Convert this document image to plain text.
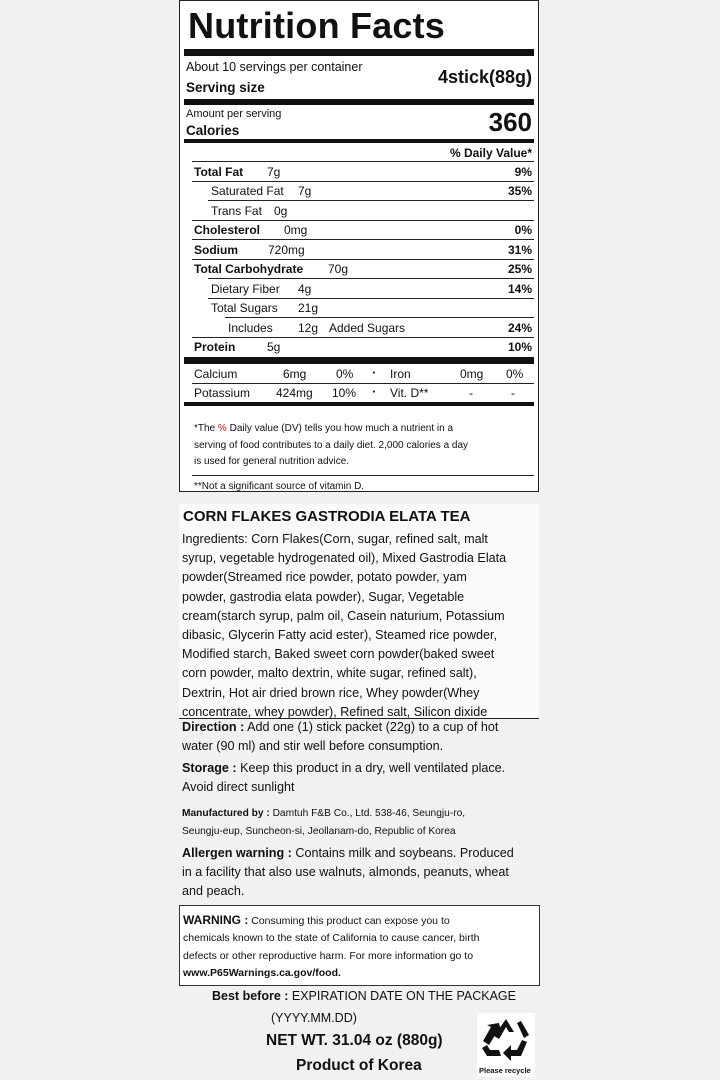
Nutrition Facts
About 10 servings per container
Serving size
4stick(88g)
Amount per serving
Calories	360
% Daily Value*
Total Fat 7g	9%
Saturated Fat 7g	35%
Trans Fat 0g
Cholesterol 0mg	0%
Sodium	720mg	31%
Total Carbohydrate 70g	25%
Dietary Fiber 4g	14%
Total Sugars 21g
Includes 12g Added Sugars	24%
Protein	5g	10%
Calcium	6mg 0% · Iron	0mg 0%
Potassium 424mg 10% · Vit. D**	-	-
*The % Daily value (DV) tells you how much a nutrient in a
serving of food contributes to a daily diet. 2,000 calories a day
is used for general nutrition advice.
**Not a significant source of vitamin D.
CORN FLAKES GASTRODIA ELATA TEA
Ingredients: Corn Flakes(Corn, sugar, refined salt, malt
syrup, vegetable hydrogenated oil), Mixed Gastrodia Elata
powder(Streamed rice powder, potato powder, yam
powder, gastrodia elata powder), Sugar, Vegetable
cream(starch syrup, palm oil, Casein naturium, Potassium
dibasic, Glycerin Fatty acid ester), Steamed rice powder,
Modified starch, Baked sweet corn powder(baked sweet
corn powder, malto dextrin, white sugar, refined salt),
Dextrin, Hot air dried brown rice, Whey powder(Whey
concentrate, whey powder), Refined salt, Silicon dixide
Direction : Add one (1) stick packet (22g) to a cup of hot
water (90 ml) and stir well before consumption.
Storage : Keep this product in a dry, well ventilated place.
Avoid direct sunlight
Manufactured by : Damtuh F&B Co., Ltd. 538-46, Seungju-ro,
Seungju-eup, Suncheon-si, Jeollanam-do, Republic of Korea
Allergen warning : Contains milk and soybeans. Produced
in a facility that also use walnuts, almonds, peanuts, wheat
and peach.
WARNING : Consuming this product can expose you to
chemicals known to the state of California to cause cancer, birth
defects or other reproductive harm. For more information go to
www.P65Warnings.ca.gov/food.
Best before : EXPIRATION DATE ON THE PACKAGE
(YYYY.MM.DD)
NET WT. 31.04 oz (880g)
Product of Korea	Please recycle
